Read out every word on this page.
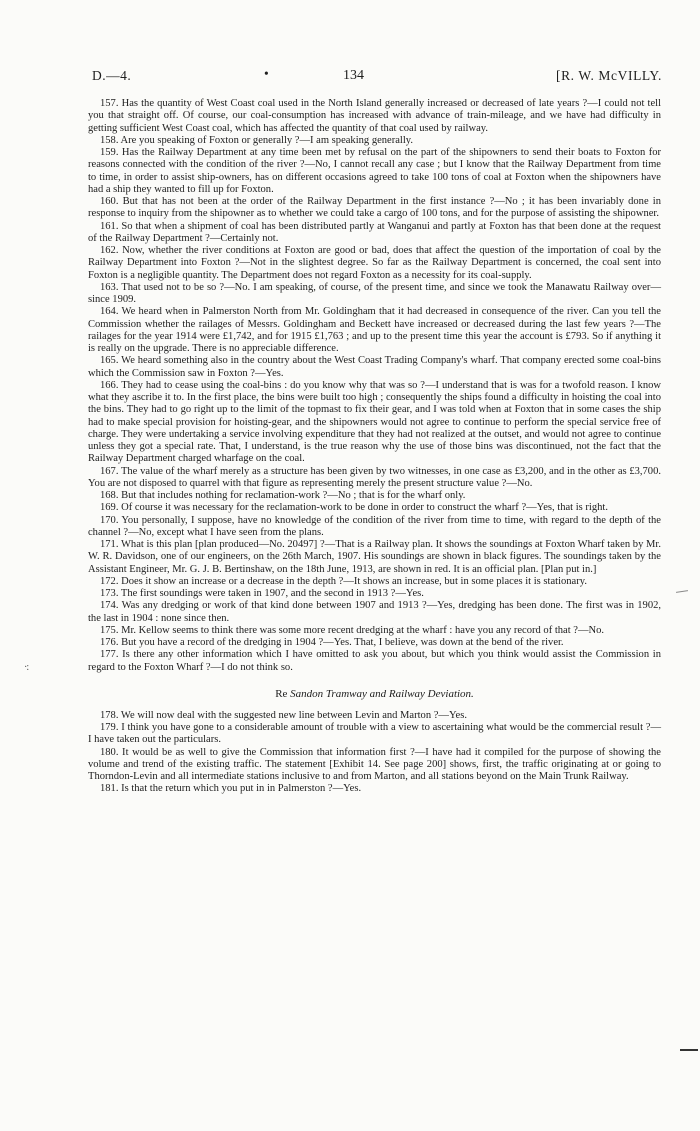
D.—4.	•	134	[R. W. McVILLY.

157. Has the quantity of West Coast coal used in the North Island generally increased or decreased of late years ?—I could not tell you that straight off. Of course, our coal-consumption has increased with advance of train-mileage, and we have had difficulty in getting sufficient West Coast coal, which has affected the quantity of that coal used by railway.

158. Are you speaking of Foxton or generally ?—I am speaking generally.

159. Has the Railway Department at any time been met by refusal on the part of the shipowners to send their boats to Foxton for reasons connected with the condition of the river ?—No, I cannot recall any case ; but I know that the Railway Department from time to time, in order to assist ship-owners, has on different occasions agreed to take 100 tons of coal at Foxton when the shipowners have had a ship they wanted to fill up for Foxton.

160. But that has not been at the order of the Railway Department in the first instance ?—No ; it has been invariably done in response to inquiry from the shipowner as to whether we could take a cargo of 100 tons, and for the purpose of assisting the shipowner.

161. So that when a shipment of coal has been distributed partly at Wanganui and partly at Foxton has that been done at the request of the Railway Department ?—Certainly not.

162. Now, whether the river conditions at Foxton are good or bad, does that affect the question of the importation of coal by the Railway Department into Foxton ?—Not in the slightest degree. So far as the Railway Department is concerned, the coal sent into Foxton is a negligible quantity. The Department does not regard Foxton as a necessity for its coal-supply.

163. That used not to be so ?—No. I am speaking, of course, of the present time, and since we took the Manawatu Railway over—since 1909.

164. We heard when in Palmerston North from Mr. Goldingham that it had decreased in consequence of the river. Can you tell the Commission whether the railages of Messrs. Goldingham and Beckett have increased or decreased during the last few years ?—The railages for the year 1914 were £1,742, and for 1915 £1,763 ; and up to the present time this year the account is £793. So if anything it is really on the upgrade. There is no appreciable difference.

165. We heard something also in the country about the West Coast Trading Company's wharf. That company erected some coal-bins which the Commission saw in Foxton ?—Yes.

166. They had to cease using the coal-bins : do you know why that was so ?—I understand that is was for a twofold reason. I know what they ascribe it to. In the first place, the bins were built too high ; consequently the ships found a difficulty in hoisting the coal into the bins. They had to go right up to the limit of the topmast to fix their gear, and I was told when at Foxton that in some cases the ship had to make special provision for hoisting-gear, and the shipowners would not agree to continue to perform the special service free of charge. They were undertaking a service involving expenditure that they had not realized at the outset, and would not agree to continue unless they got a special rate. That, I understand, is the true reason why the use of those bins was discontinued, not the fact that the Railway Department charged wharfage on the coal.

167. The value of the wharf merely as a structure has been given by two witnesses, in one case as £3,200, and in the other as £3,700. You are not disposed to quarrel with that figure as representing merely the present structure value ?—No.

168. But that includes nothing for reclamation-work ?—No ; that is for the wharf only.

169. Of course it was necessary for the reclamation-work to be done in order to construct the wharf ?—Yes, that is right.

170. You personally, I suppose, have no knowledge of the condition of the river from time to time, with regard to the depth of the channel ?—No, except what I have seen from the plans.

171. What is this plan [plan produced—No. 20497] ?—That is a Railway plan. It shows the soundings at Foxton Wharf taken by Mr. W. R. Davidson, one of our engineers, on the 26th March, 1907. His soundings are shown in black figures. The soundings taken by the Assistant Engineer, Mr. G. J. B. Bertinshaw, on the 18th June, 1913, are shown in red. It is an official plan. [Plan put in.]

172. Does it show an increase or a decrease in the depth ?—It shows an increase, but in some places it is stationary.

173. The first soundings were taken in 1907, and the second in 1913 ?—Yes.

174. Was any dredging or work of that kind done between 1907 and 1913 ?—Yes, dredging has been done. The first was in 1902, the last in 1904 : none since then.

175. Mr. Kellow seems to think there was some more recent dredging at the wharf : have you any record of that ?—No.

176. But you have a record of the dredging in 1904 ?—Yes. That, I believe, was down at the bend of the river.

177. Is there any other information which I have omitted to ask you about, but which you think would assist the Commission in regard to the Foxton Wharf ?—I do not think so.

Re Sandon Tramway and Railway Deviation.

178. We will now deal with the suggested new line between Levin and Marton ?—Yes.

179. I think you have gone to a considerable amount of trouble with a view to ascertaining what would be the commercial result ?—I have taken out the particulars.

180. It would be as well to give the Commission that information first ?—I have had it compiled for the purpose of showing the volume and trend of the existing traffic. The statement [Exhibit 14. See page 200] shows, first, the traffic originating at or going to Thorndon-Levin and all intermediate stations inclusive to and from Marton, and all stations beyond on the Main Trunk Railway.

181. Is that the return which you put in in Palmerston ?—Yes.

·:
